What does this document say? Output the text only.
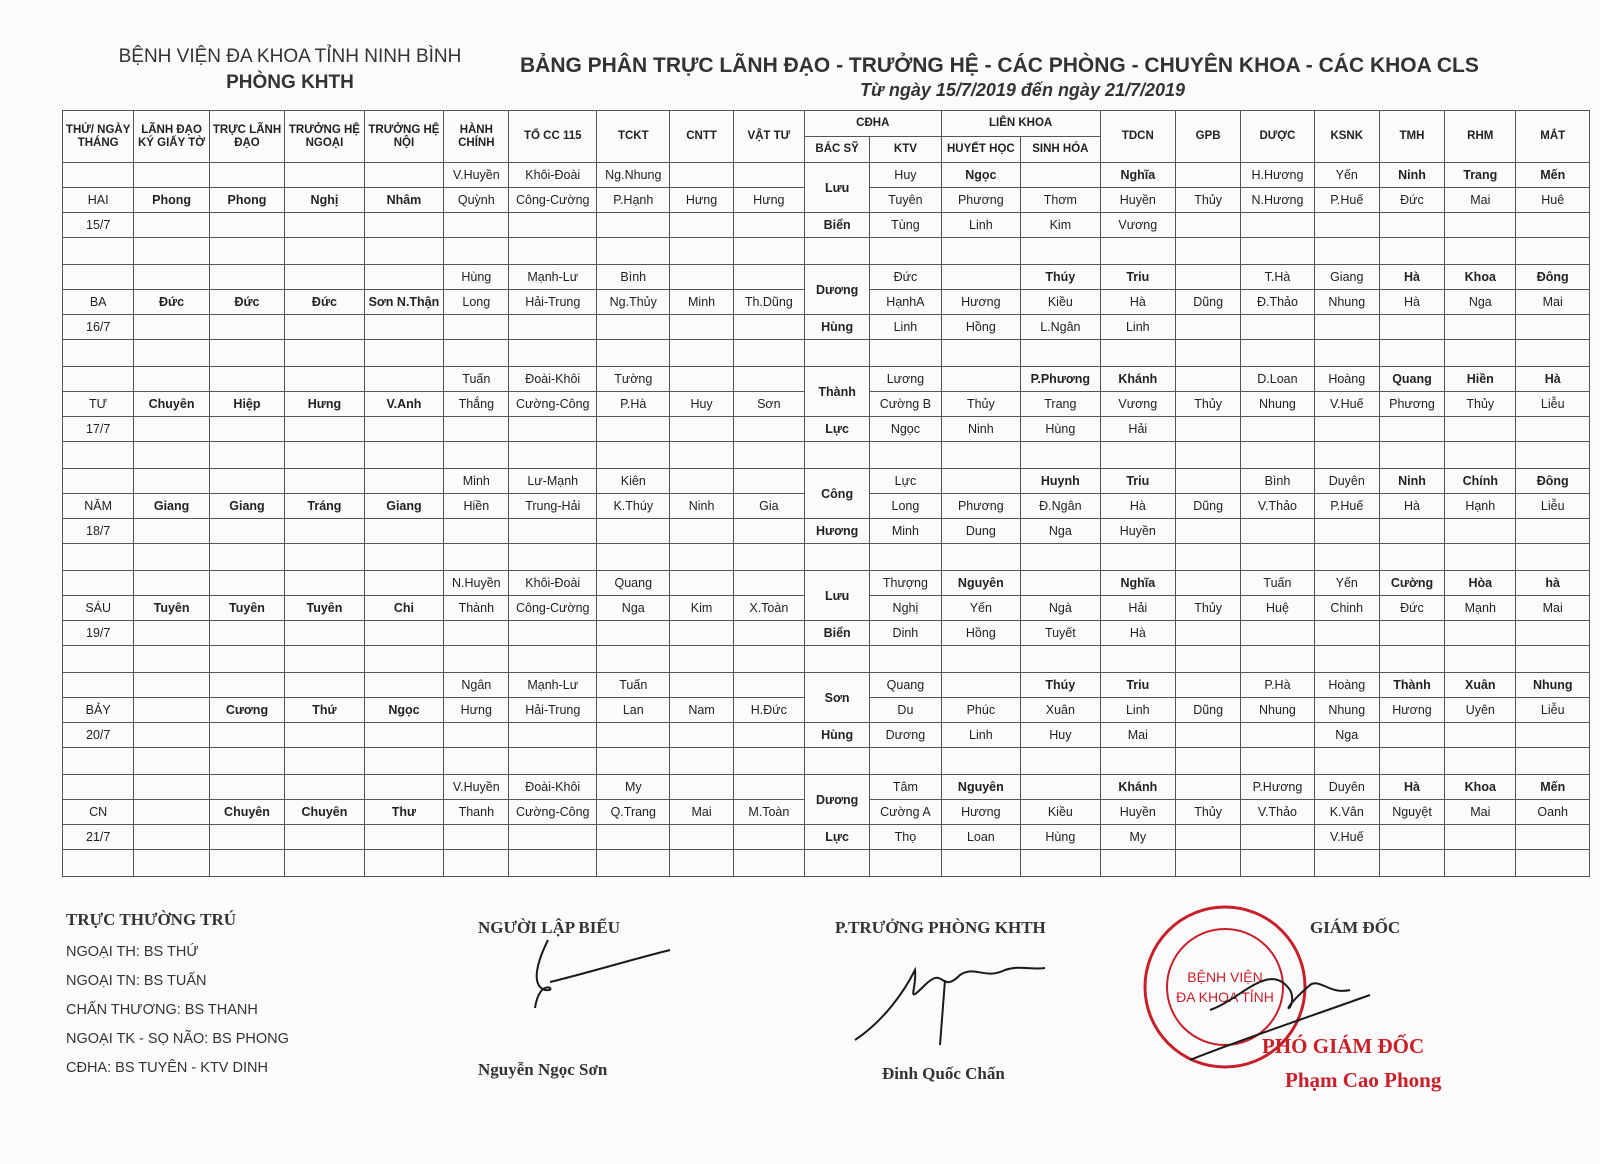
BỆNH VIỆN ĐA KHOA TỈNH NINH BÌNH
PHÒNG KHTH
BẢNG PHÂN TRỰC LÃNH ĐẠO - TRƯỞNG HỆ - CÁC PHÒNG - CHUYÊN KHOA - CÁC KHOA CLS
Từ ngày 15/7/2019 đến ngày 21/7/2019
THỨ/ NGÀY THÁNG	LÃNH ĐẠO KÝ GIẤY TỜ	TRỰC LÃNH ĐẠO	TRƯỞNG HỆ NGOẠI	TRƯỞNG HỆ NỘI	HÀNH CHÍNH	TỔ CC 115	TCKT	CNTT	VẬT TƯ	CĐHA		LIÊN KHOA		TDCN	GPB	DƯỢC	KSNK	TMH	RHM	MẮT
										BÁC SỸ	KTV	HUYẾT HỌC	SINH HÓA							
					V.Huyền	Khôi-Đoài	Ng.Nhung			Lưu	Huy	Ngọc		Nghĩa		H.Hương	Yến	Ninh	Trang	Mến
HAI	Phong	Phong	Nghị	Nhâm	Quỳnh	Công-Cường	P.Hạnh	Hưng	Hưng		Tuyên	Phương	Thơm	Huyền	Thủy	N.Hương	P.Huế	Đức	Mai	Huê
15/7										Biển	Tùng	Linh	Kim	Vương						

					Hùng	Mạnh-Lư	Bình			Dương	Đức		Thúy	Triu		T.Hà	Giang	Hà	Khoa	Đông
BA	Đức	Đức	Đức	Sơn N.Thận	Long	Hải-Trung	Ng.Thủy	Minh	Th.Dũng		HạnhA	Hương	Kiều	Hà	Dũng	Đ.Thảo	Nhung	Hà	Nga	Mai
16/7										Hùng	Linh	Hồng	L.Ngân	Linh						

					Tuấn	Đoài-Khôi	Tường			Thành	Lương		P.Phương	Khánh		D.Loan	Hoàng	Quang	Hiền	Hà
TƯ	Chuyên	Hiệp	Hưng	V.Anh	Thắng	Cường-Công	P.Hà	Huy	Sơn		Cường B	Thủy	Trang	Vương	Thủy	Nhung	V.Huế	Phương	Thủy	Liễu
17/7										Lực	Ngọc	Ninh	Hùng	Hải						

					Minh	Lư-Mạnh	Kiên			Công	Lực		Huynh	Triu		Bình	Duyên	Ninh	Chính	Đông
NĂM	Giang	Giang	Tráng	Giang	Hiền	Trung-Hải	K.Thúy	Ninh	Gia		Long	Phương	Đ.Ngân	Hà	Dũng	V.Thảo	P.Huế	Hà	Hạnh	Liễu
18/7										Hương	Minh	Dung	Nga	Huyền						

					N.Huyền	Khôi-Đoài	Quang			Lưu	Thượng	Nguyên		Nghĩa		Tuấn	Yến	Cường	Hòa	hà
SÁU	Tuyên	Tuyên	Tuyên	Chi	Thành	Công-Cường	Nga	Kim	X.Toàn		Nghị	Yến	Ngà	Hải	Thủy	Huệ	Chinh	Đức	Mạnh	Mai
19/7										Biển	Dinh	Hồng	Tuyết	Hà						

					Ngân	Mạnh-Lư	Tuấn			Sơn	Quang		Thúy	Triu		P.Hà	Hoàng	Thành	Xuân	Nhung
BẢY		Cương	Thứ	Ngọc	Hưng	Hải-Trung	Lan	Nam	H.Đức		Du	Phúc	Xuân	Linh	Dũng	Nhung	Nhung	Hương	Uyên	Liễu
20/7										Hùng	Dương	Linh	Huy	Mai			Nga			

					V.Huyền	Đoài-Khôi	My			Dương	Tâm	Nguyên		Khánh		P.Hương	Duyên	Hà	Khoa	Mến
CN		Chuyên	Chuyên	Thư	Thanh	Cường-Công	Q.Trang	Mai	M.Toàn		Cường A	Hương	Kiều	Huyền	Thủy	V.Thảo	K.Vân	Nguyệt	Mai	Oanh
21/7										Lực	Thọ	Loan	Hùng	My			V.Huế			

TRỰC THƯỜNG TRÚ
NGOẠI TH: BS THỨ
NGOẠI TN: BS TUẤN
CHẤN THƯƠNG: BS THANH
NGOẠI TK - SỌ NÃO: BS PHONG
CĐHA: BS TUYÊN - KTV DINH
NGƯỜI LẬP BIỂU
Nguyễn Ngọc Sơn
P.TRƯỞNG PHÒNG KHTH
Đinh Quốc Chấn
BỆNH VIỆN
ĐA KHOA TỈNH
GIÁM ĐỐC
PHÓ GIÁM ĐỐC
Phạm Cao Phong
